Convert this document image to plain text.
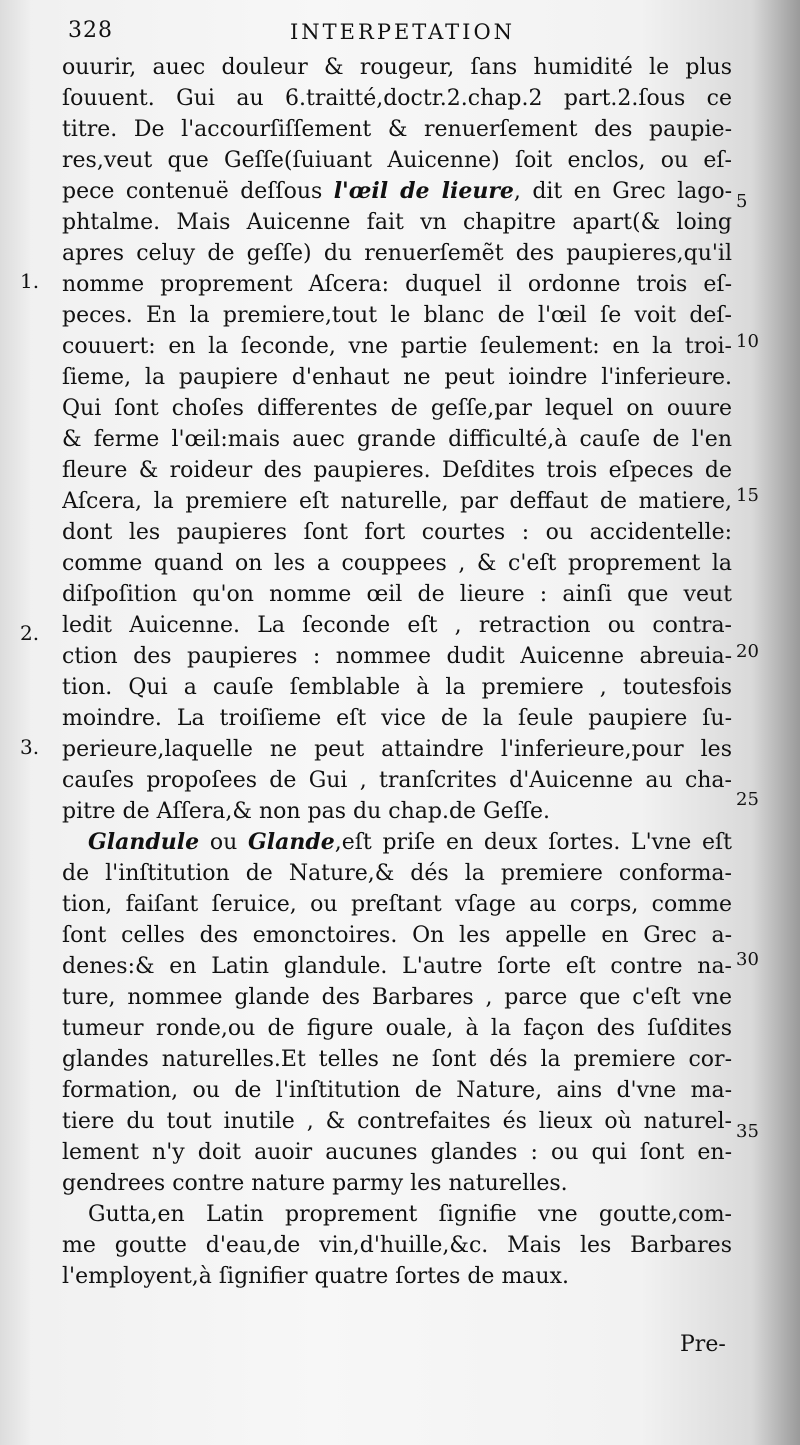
328	INTERPETATION
ouurir, auec douleur & rougeur, ſans humidité le plus
ſouuent. Gui au 6.traitté,doctr.2.chap.2 part.2.ſous ce
titre. De l'accourſiſſement & renuerſement des paupie-
res,veut que Geſſe(ſuiuant Auicenne) ſoit enclos, ou eſ-
pece contenuë deſſous l'œil de lieure, dit en Grec lago-
phtalme. Mais Auicenne fait vn chapitre apart(& loing
apres celuy de geſſe) du renuerſemẽt des paupieres,qu'il
nomme proprement Aſcera: duquel il ordonne trois eſ-
peces. En la premiere,tout le blanc de l'œil ſe voit deſ-
couuert: en la ſeconde, vne partie ſeulement: en la troi-
ſieme, la paupiere d'enhaut ne peut ioindre l'inferieure.
Qui ſont choſes differentes de geſſe,par lequel on ouure
& ferme l'œil:mais auec grande difficulté,à cauſe de l'en
fleure & roideur des paupieres. Deſdites trois eſpeces de
Aſcera, la premiere eſt naturelle, par deffaut de matiere,
dont les paupieres ſont fort courtes : ou accidentelle:
comme quand on les a couppees , & c'eſt proprement la
diſpoſition qu'on nomme œil de lieure : ainſi que veut
ledit Auicenne. La ſeconde eſt , retraction ou contra-
ction des paupieres : nommee dudit Auicenne abreuia-
tion. Qui a cauſe ſemblable à la premiere , toutesfois
moindre. La troiſieme eſt vice de la ſeule paupiere ſu-
perieure,laquelle ne peut attaindre l'inferieure,pour les
cauſes propoſees de Gui , tranſcrites d'Auicenne au cha-
pitre de Aſſera,& non pas du chap.de Geſſe.
Glandule ou Glande,eſt priſe en deux ſortes. L'vne eſt
de l'inſtitution de Nature,& dés la premiere conforma-
tion, faiſant ſeruice, ou preſtant vſage au corps, comme
ſont celles des emonctoires. On les appelle en Grec a-
denes:& en Latin glandule. L'autre ſorte eſt contre na-
ture, nommee glande des Barbares , parce que c'eſt vne
tumeur ronde,ou de figure ouale, à la façon des ſuſdites
glandes naturelles.Et telles ne ſont dés la premiere cor-
formation, ou de l'inſtitution de Nature, ains d'vne ma-
tiere du tout inutile , & contrefaites és lieux où naturel-
lement n'y doit auoir aucunes glandes : ou qui ſont en-
gendrees contre nature parmy les naturelles.
Gutta,en Latin proprement ſignifie vne goutte,com-
me goutte d'eau,de vin,d'huille,&c. Mais les Barbares
l'employent,à ſignifier quatre ſortes de maux.
5
10
15
20
25
30
35
1.
2.
3.
Pre-
